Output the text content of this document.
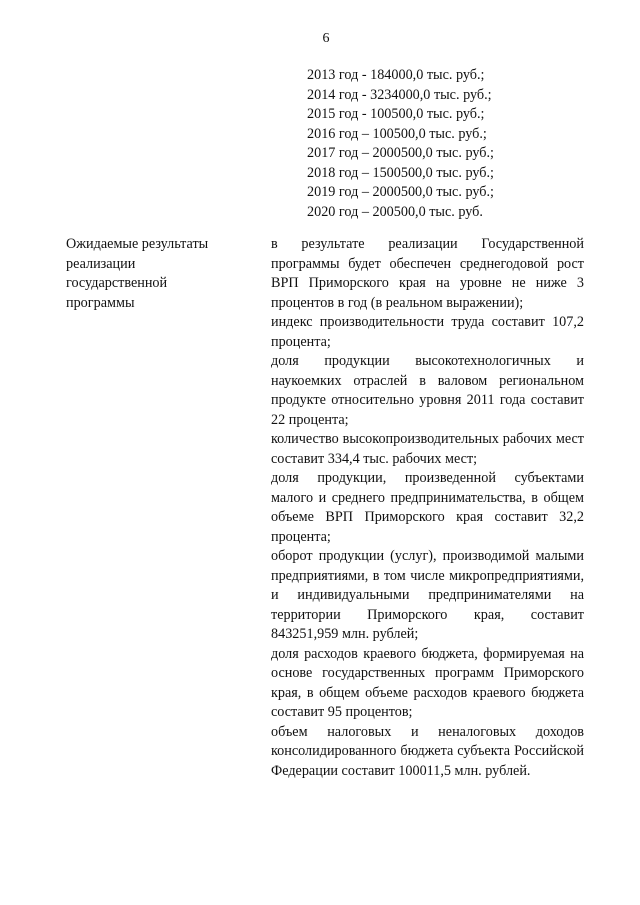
6
2013 год - 184000,0 тыс. руб.;
2014 год - 3234000,0 тыс. руб.;
2015 год - 100500,0 тыс. руб.;
2016 год – 100500,0 тыс. руб.;
2017 год – 2000500,0 тыс. руб.;
2018 год – 1500500,0 тыс. руб.;
2019 год – 2000500,0 тыс. руб.;
2020 год – 200500,0 тыс. руб.
Ожидаемые результаты
реализации
государственной
программы
в результате реализации Государственной программы будет обеспечен среднегодовой рост ВРП Приморского края на уровне не ниже 3 процентов в год (в реальном выражении);
индекс производительности труда составит 107,2 процента;
доля продукции высокотехнологичных и наукоемких отраслей в валовом региональном продукте относительно уровня 2011 года составит 22 процента;
количество высокопроизводительных рабочих мест составит 334,4 тыс. рабочих мест;
доля продукции, произведенной субъектами малого и среднего предпринимательства, в общем объеме ВРП Приморского края составит 32,2 процента;
оборот продукции (услуг), производимой малыми предприятиями, в том числе микропредприятиями, и индивидуальными предпринимателями на территории Приморского края, составит 843251,959 млн. рублей;
доля расходов краевого бюджета, формируемая на основе государственных программ Приморского края, в общем объеме расходов краевого бюджета составит 95 процентов;
объем налоговых и неналоговых доходов консолидированного бюджета субъекта Российской Федерации составит 100011,5 млн. рублей.
